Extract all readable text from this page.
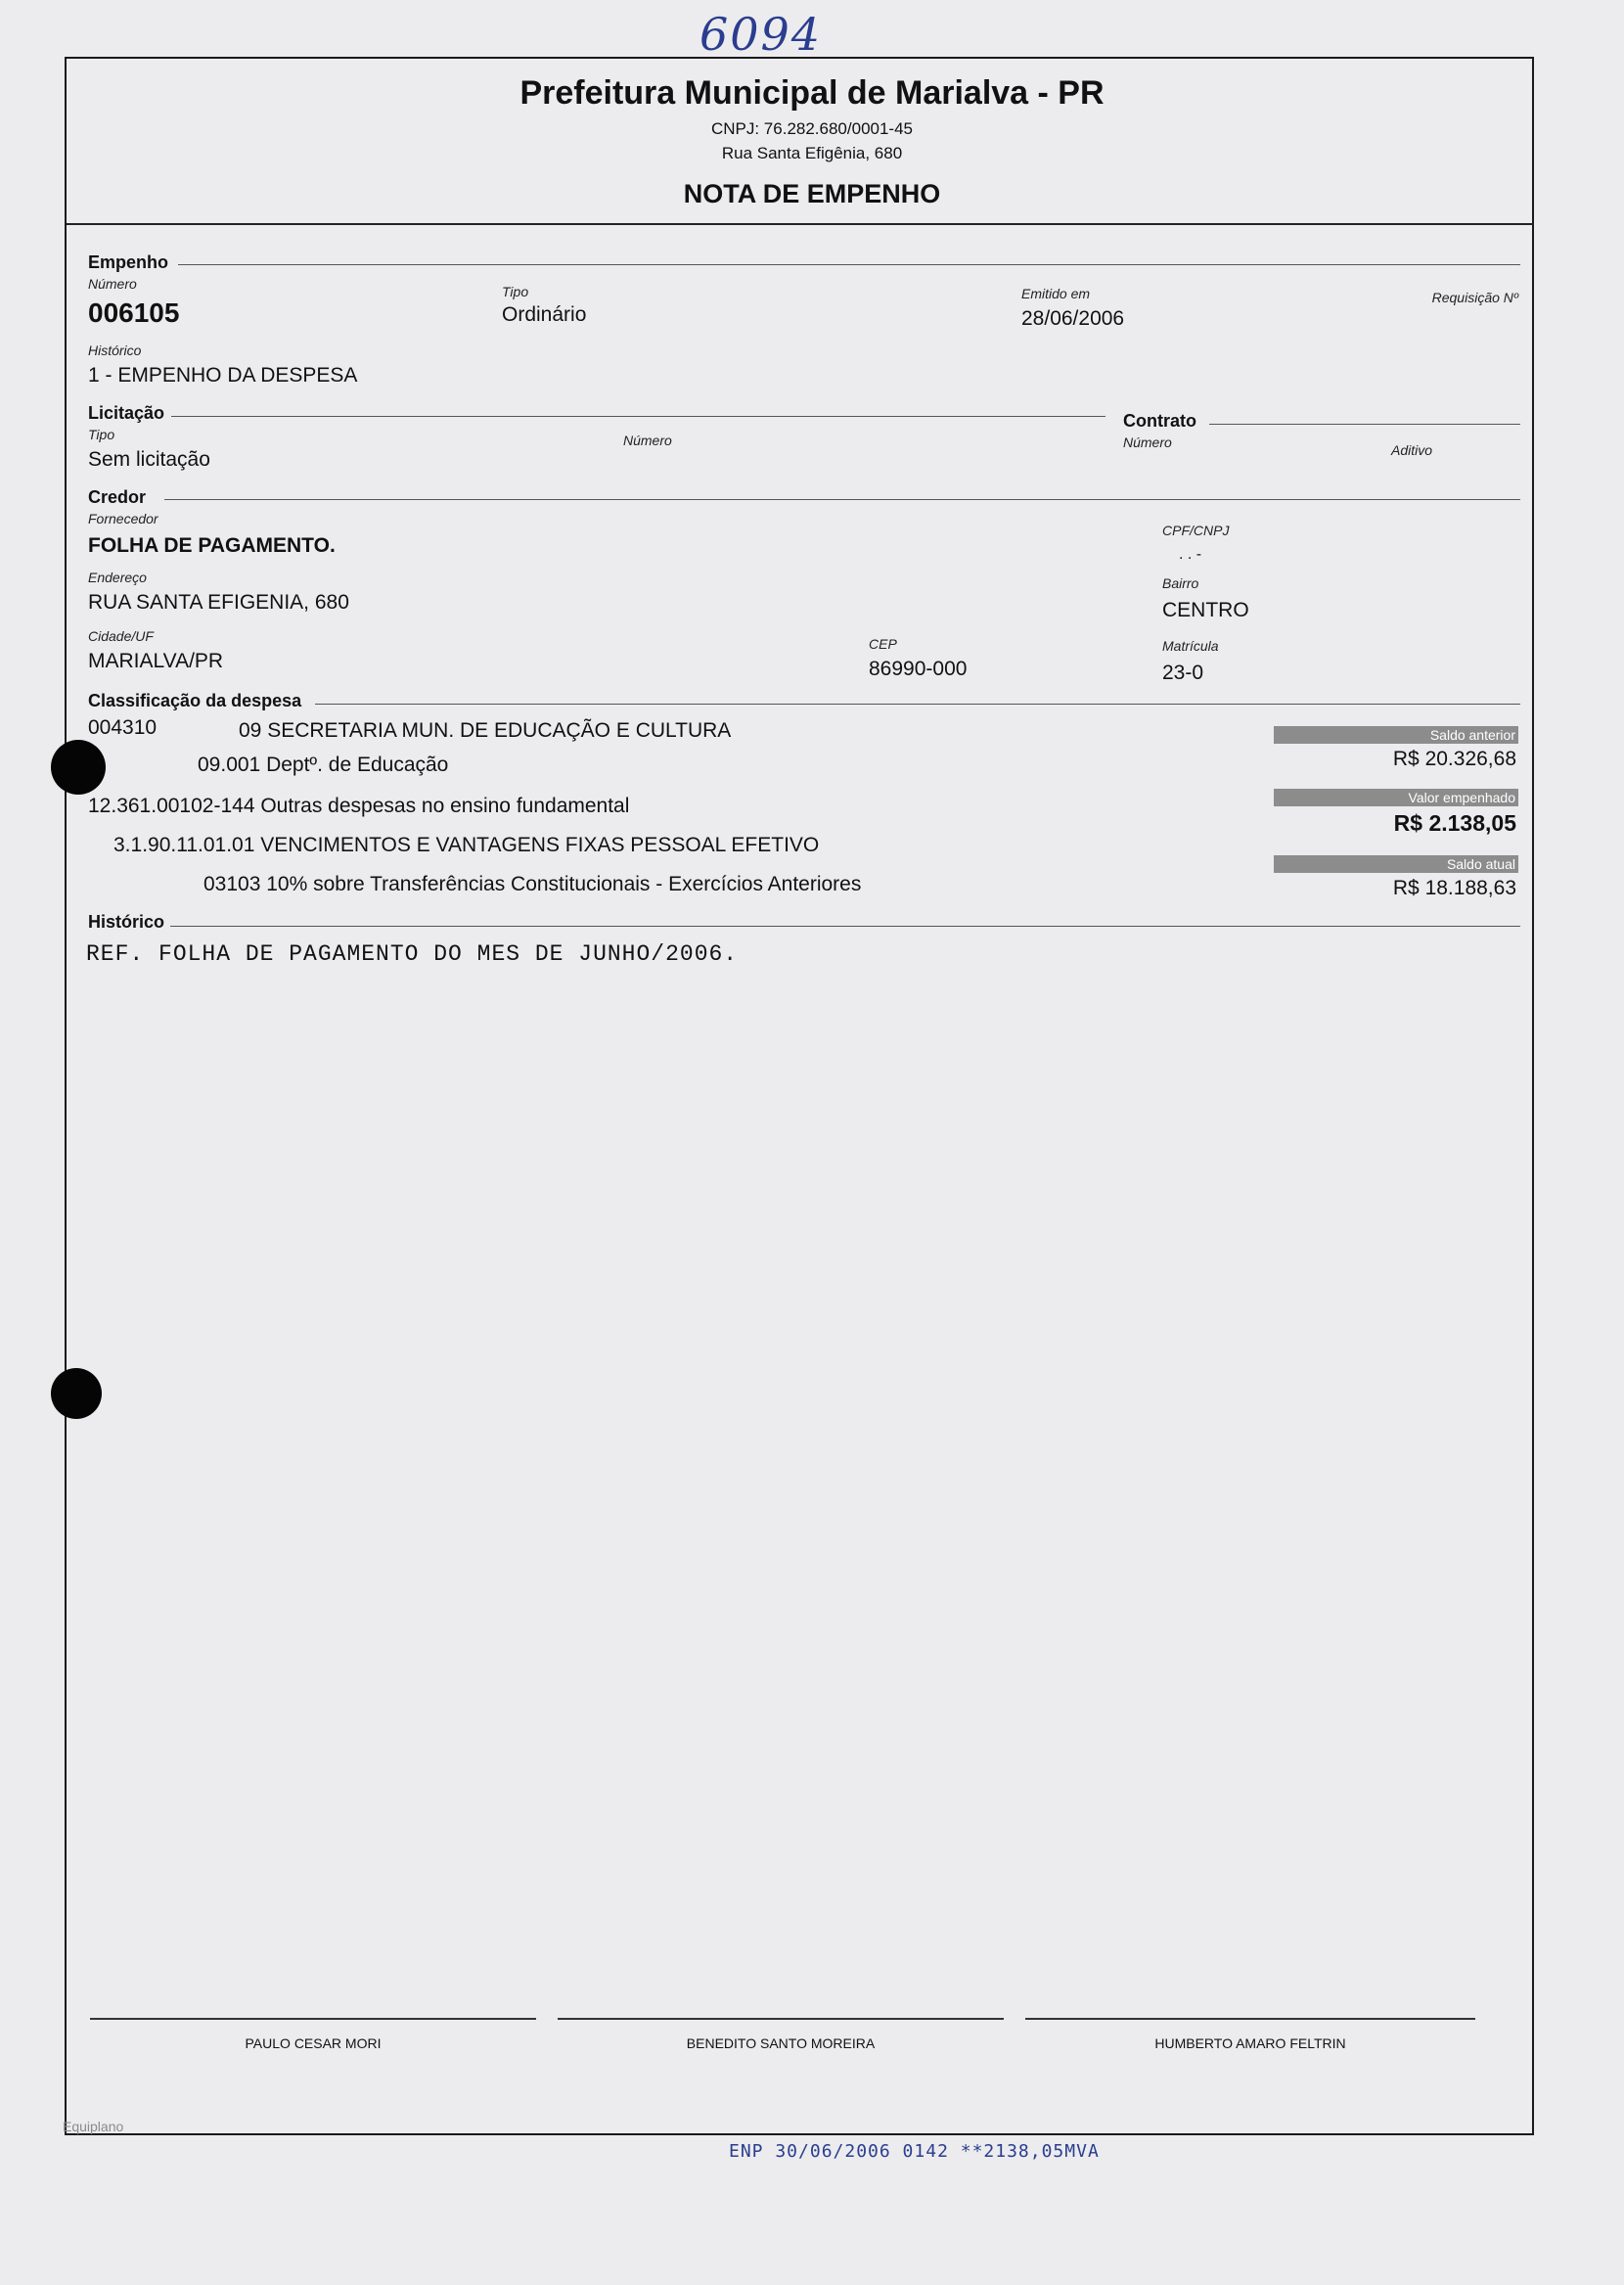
6094
Prefeitura Municipal de Marialva - PR
CNPJ: 76.282.680/0001-45
Rua Santa Efigênia, 680
NOTA DE EMPENHO
Empenho
Número
006105
Tipo
Ordinário
Emitido em
28/06/2006
Requisição Nº
Histórico
1 - EMPENHO DA DESPESA
Licitação
Tipo
Sem licitação
Número
Contrato
Número	Aditivo
Credor
Fornecedor
FOLHA DE PAGAMENTO.
CPF/CNPJ
. . -
Endereço
RUA SANTA EFIGENIA, 680
Bairro
CENTRO
Cidade/UF
MARIALVA/PR
CEP
86990-000
Matrícula
23-0
Classificação da despesa
004310	09 SECRETARIA MUN. DE EDUCAÇÃO E CULTURA
09.001 Deptº. de Educação
12.361.00102-144 Outras despesas no ensino fundamental
3.1.90.11.01.01 VENCIMENTOS E VANTAGENS FIXAS PESSOAL EFETIVO
03103 10% sobre Transferências Constitucionais - Exercícios Anteriores
Saldo anterior
R$ 20.326,68
Valor empenhado
R$ 2.138,05
Saldo atual
R$ 18.188,63
Histórico
REF. FOLHA DE PAGAMENTO DO MES DE JUNHO/2006.
PAULO CESAR MORI	BENEDITO SANTO MOREIRA	HUMBERTO AMARO FELTRIN
Equiplano
ENP 30/06/2006 0142 **2138,05MVA
